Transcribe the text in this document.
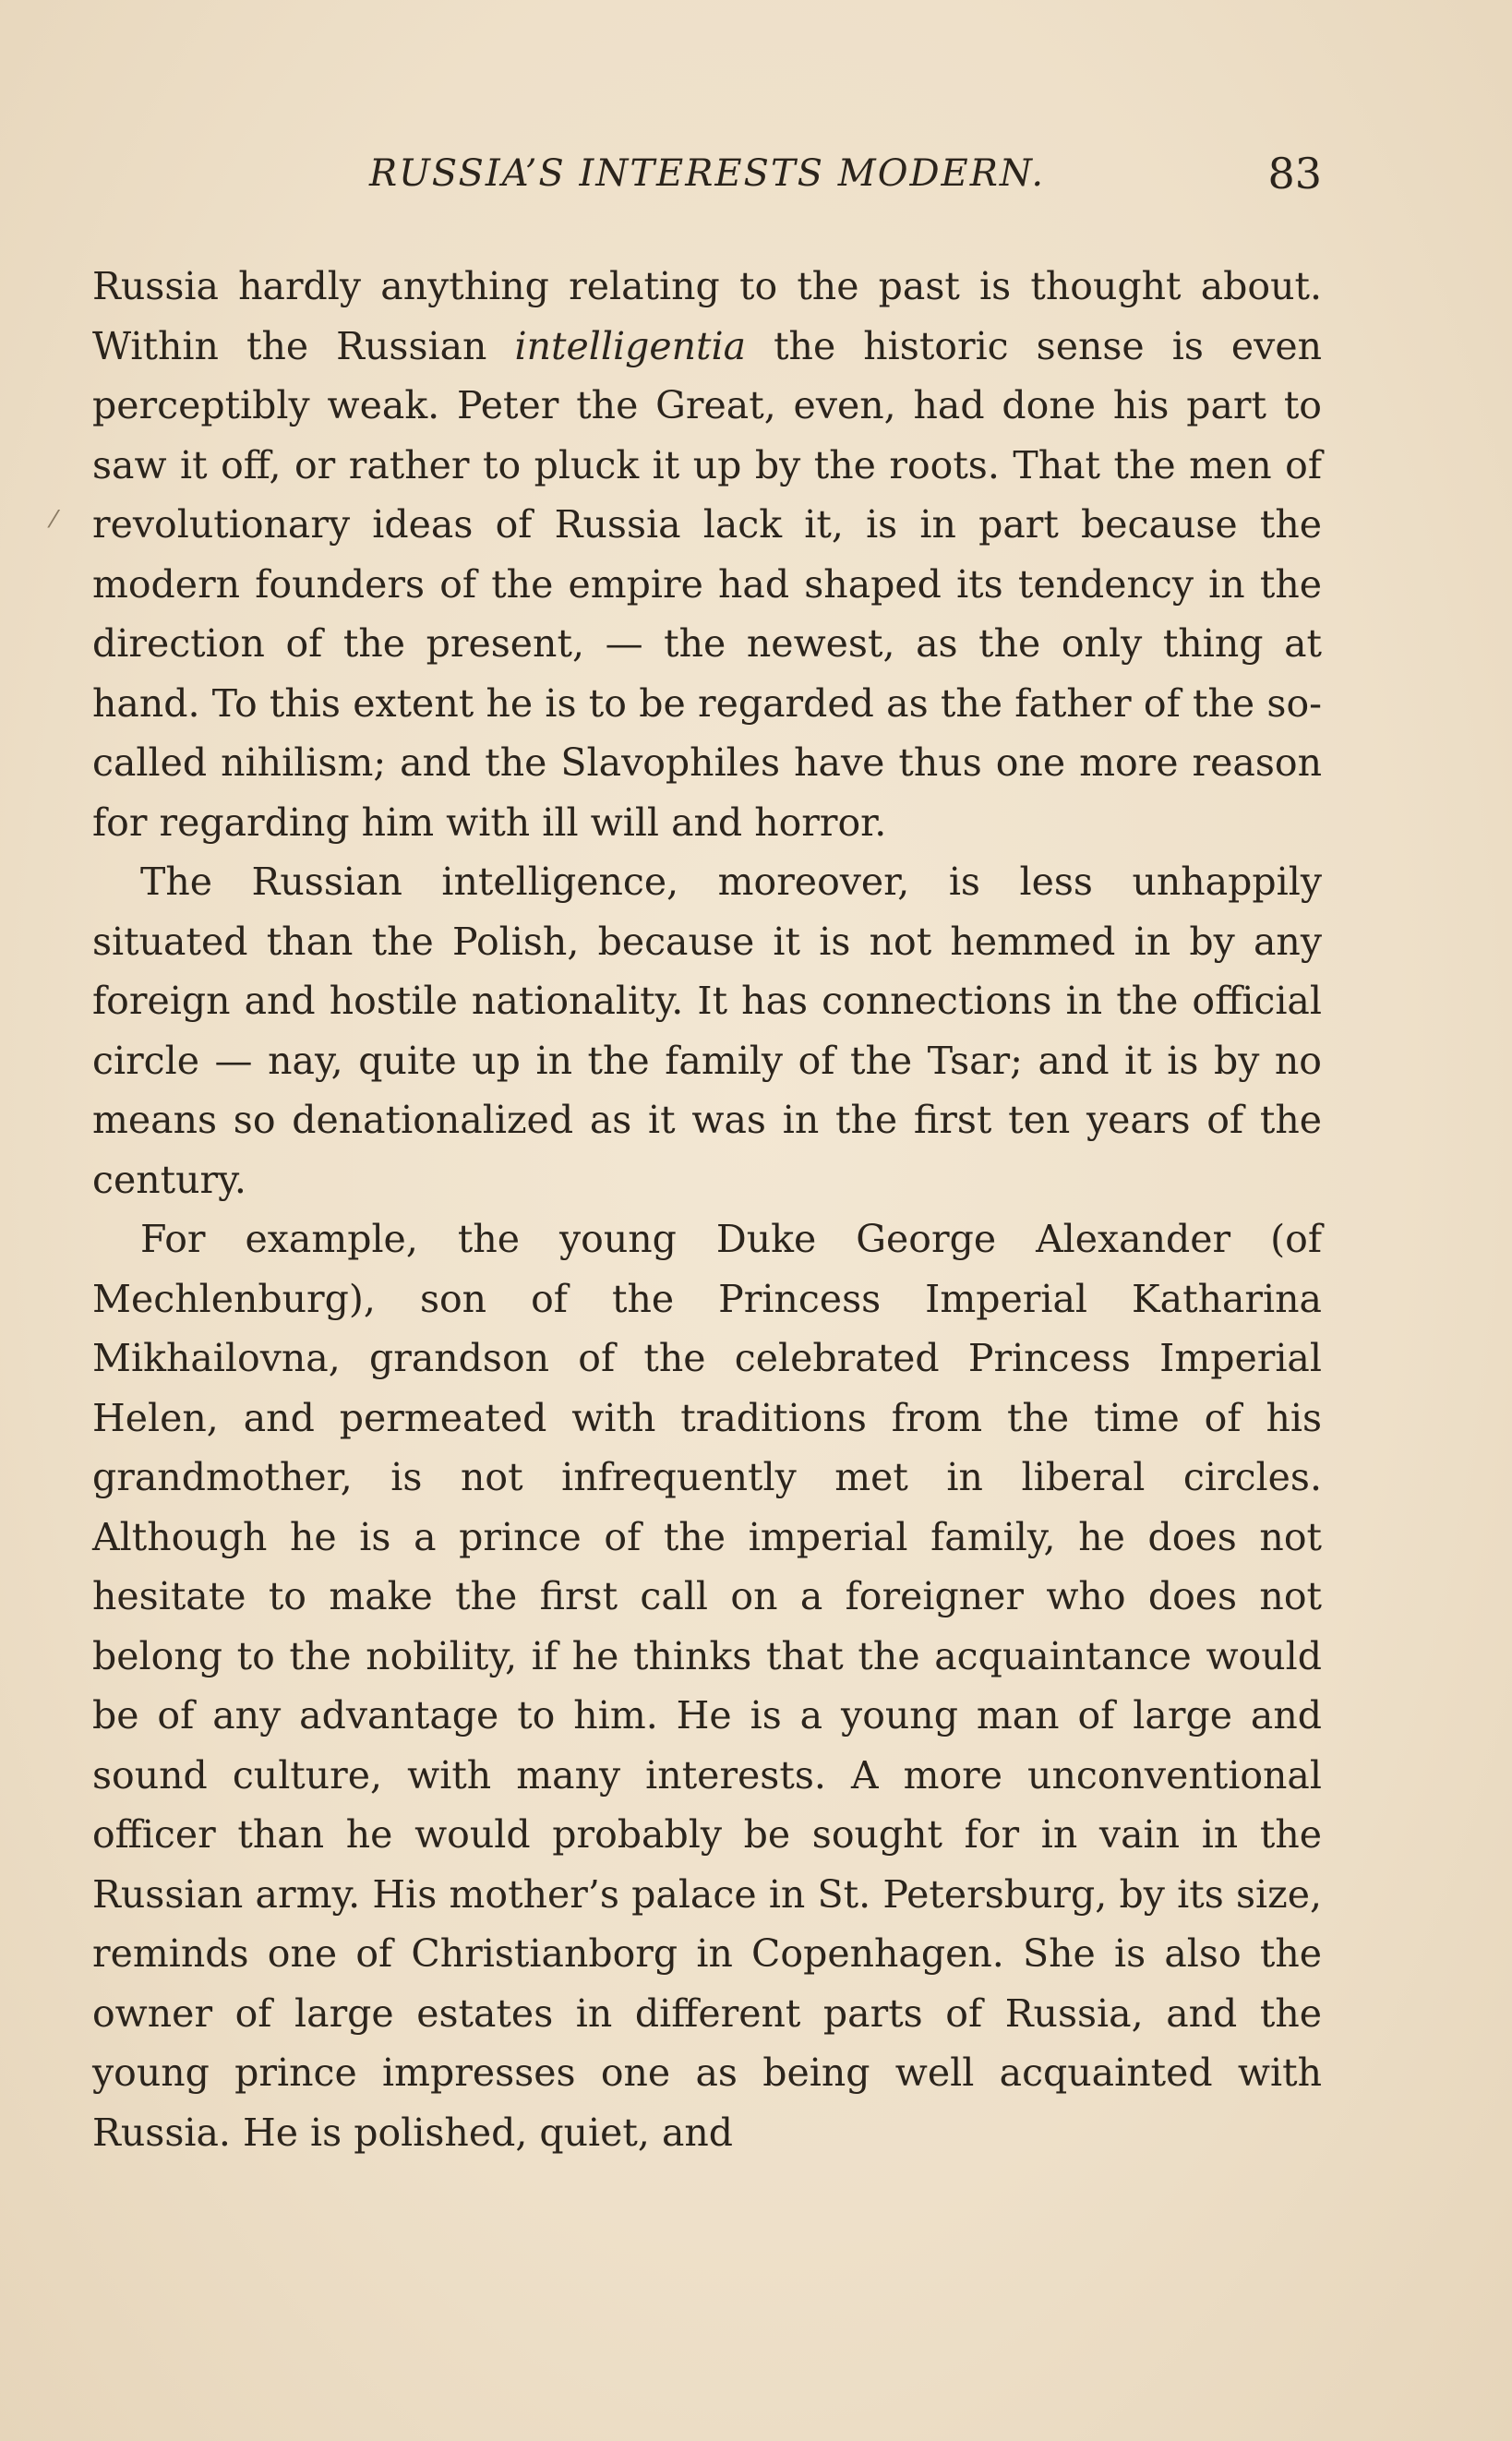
RUSSIA’S INTERESTS MODERN.	83

Russia hardly anything relating to the past is thought about. Within the Russian intelligentia the historic sense is even perceptibly weak. Peter the Great, even, had done his part to saw it off, or rather to pluck it up by the roots. That the men of revolutionary ideas of Russia lack it, is in part because the modern founders of the empire had shaped its tendency in the direction of the present, — the newest, as the only thing at hand. To this extent he is to be regarded as the father of the so-called nihilism; and the Slavophiles have thus one more reason for regarding him with ill will and horror.

The Russian intelligence, moreover, is less unhappily situated than the Polish, because it is not hemmed in by any foreign and hostile nationality. It has connections in the official circle — nay, quite up in the family of the Tsar; and it is by no means so denationalized as it was in the first ten years of the century.

For example, the young Duke George Alexander (of Mechlenburg), son of the Princess Imperial Katharina Mikhailovna, grandson of the celebrated Princess Imperial Helen, and permeated with traditions from the time of his grandmother, is not infrequently met in liberal circles. Although he is a prince of the imperial family, he does not hesitate to make the first call on a foreigner who does not belong to the nobility, if he thinks that the acquaintance would be of any advantage to him. He is a young man of large and sound culture, with many interests. A more unconventional officer than he would probably be sought for in vain in the Russian army. His mother’s palace in St. Petersburg, by its size, reminds one of Christianborg in Copenhagen. She is also the owner of large estates in different parts of Russia, and the young prince impresses one as being well acquainted with Russia. He is polished, quiet, and

⁄
